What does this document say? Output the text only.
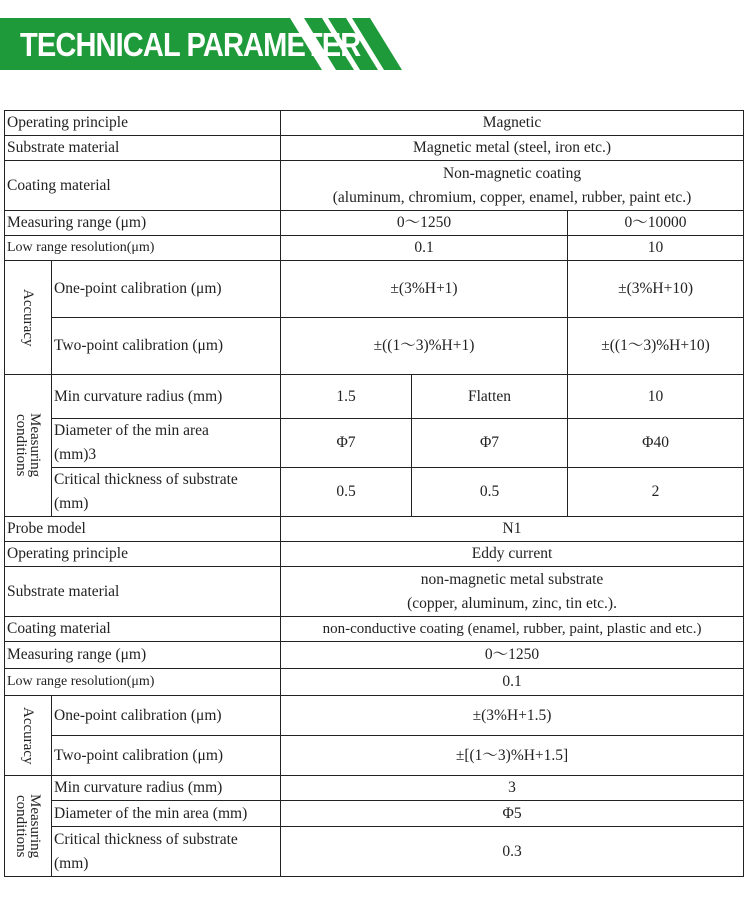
TECHNICAL PARAMETER
Operating principle		Magnetic		
Substrate material		Magnetic metal (steel, iron etc.)		
Coating material		Non-magnetic coating
(aluminum, chromium, copper, enamel, rubber, paint etc.)		

Measuring range (μm)		0～1250		0～10000
Low range resolution(μm)		0.1		10

Accuracy	One-point calibration (μm)	±(3%H+1)		±(3%H+10)
	Two-point calibration (μm)	±((1～3)%H+1)		±((1～3)%H+10)

Measuring
conditions	Min curvature radius (mm)	1.5	Flatten	10

	Diameter of the min area
(mm)3	Φ7	Φ7	Φ40

	Critical thickness of substrate
(mm)	0.5	0.5	2
Probe model		N1		
Operating principle		Eddy current		
Substrate material		non-magnetic metal substrate
(copper, aluminum, zinc, tin etc.).		

Coating material		non-conductive coating (enamel, rubber, paint, plastic and etc.)		
Measuring range (μm)		0～1250		
Low range resolution(μm)		0.1		

Accuracy	One-point calibration (μm)	±(3%H+1.5)		
	Two-point calibration (μm)	±[(1～3)%H+1.5]		

Measuring
conditions	Min curvature radius (mm)	3		
	Diameter of the min area (mm)	Φ5		

	Critical thickness of substrate
(mm)	0.3		
